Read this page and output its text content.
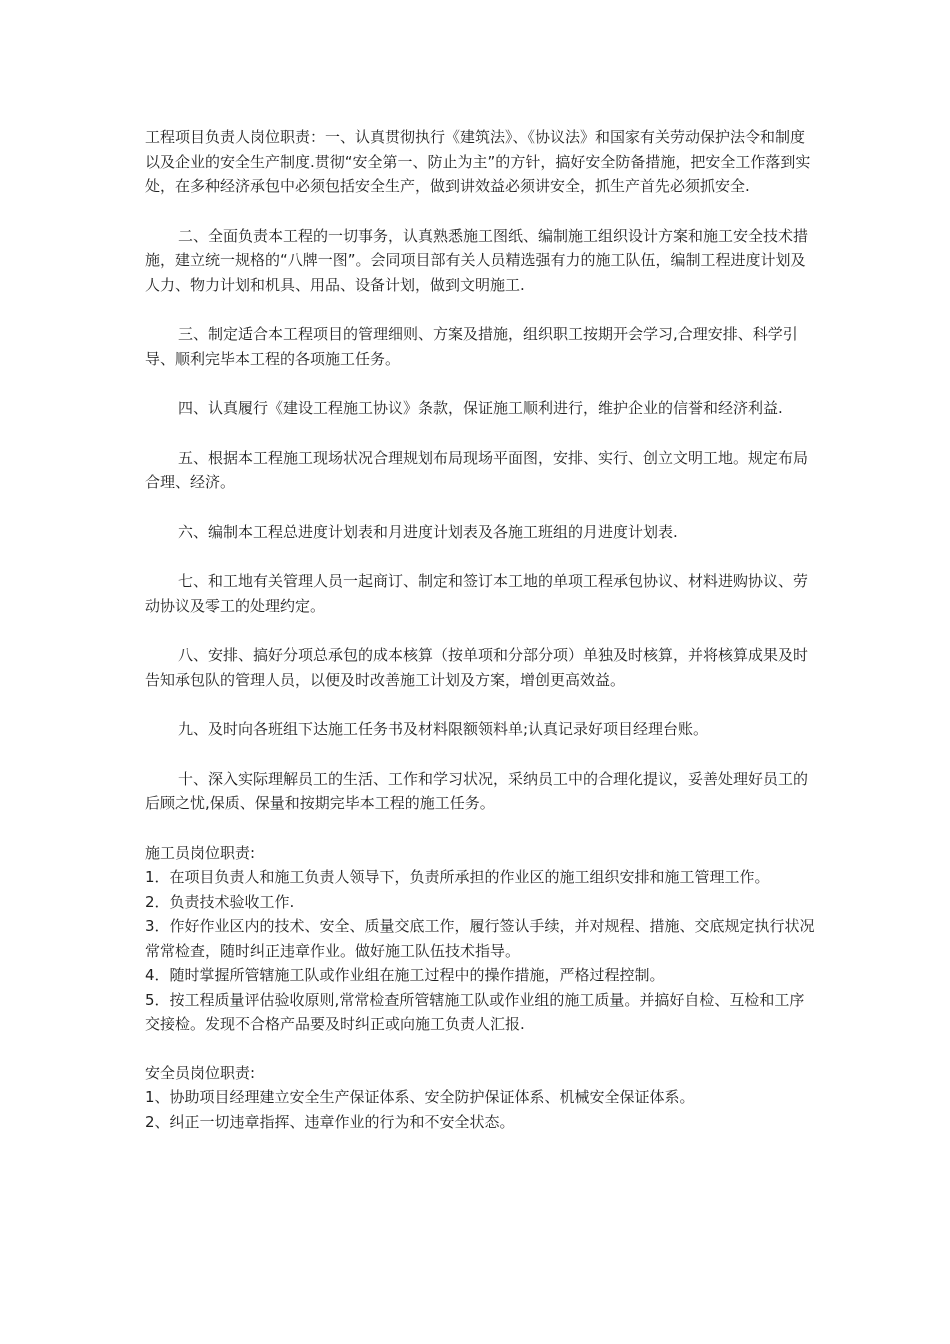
工程项目负责人岗位职责：一、认真贯彻执行《建筑法》、《协议法》和国家有关劳动保护法令和制度以及企业的安全生产制度.贯彻“安全第一、防止为主”的方针，搞好安全防备措施，把安全工作落到实处，在多种经济承包中必须包括安全生产，做到讲效益必须讲安全，抓生产首先必须抓安全.

二、全面负责本工程的一切事务，认真熟悉施工图纸、编制施工组织设计方案和施工安全技术措施，建立统一规格的“八牌一图”。会同项目部有关人员精选强有力的施工队伍，编制工程进度计划及人力、物力计划和机具、用品、设备计划，做到文明施工.

三、制定适合本工程项目的管理细则、方案及措施，组织职工按期开会学习,合理安排、科学引导、顺利完毕本工程的各项施工任务。

四、认真履行《建设工程施工协议》条款，保证施工顺利进行，维护企业的信誉和经济利益.

五、根据本工程施工现场状况合理规划布局现场平面图，安排、实行、创立文明工地。规定布局合理、经济。

六、编制本工程总进度计划表和月进度计划表及各施工班组的月进度计划表.

七、和工地有关管理人员一起商订、制定和签订本工地的单项工程承包协议、材料进购协议、劳动协议及零工的处理约定。

八、安排、搞好分项总承包的成本核算（按单项和分部分项）单独及时核算，并将核算成果及时告知承包队的管理人员，以便及时改善施工计划及方案，增创更高效益。

九、及时向各班组下达施工任务书及材料限额领料单;认真记录好项目经理台账。

十、深入实际理解员工的生活、工作和学习状况，采纳员工中的合理化提议，妥善处理好员工的后顾之忧,保质、保量和按期完毕本工程的施工任务。

施工员岗位职责:

1．在项目负责人和施工负责人领导下，负责所承担的作业区的施工组织安排和施工管理工作。

2．负责技术验收工作.

3．作好作业区内的技术、安全、质量交底工作，履行签认手续，并对规程、措施、交底规定执行状况常常检查，随时纠正违章作业。做好施工队伍技术指导。

4．随时掌握所管辖施工队或作业组在施工过程中的操作措施，严格过程控制。

5．按工程质量评估验收原则,常常检查所管辖施工队或作业组的施工质量。并搞好自检、互检和工序交接检。发现不合格产品要及时纠正或向施工负责人汇报.

安全员岗位职责:

1、协助项目经理建立安全生产保证体系、安全防护保证体系、机械安全保证体系。

2、纠正一切违章指挥、违章作业的行为和不安全状态。
